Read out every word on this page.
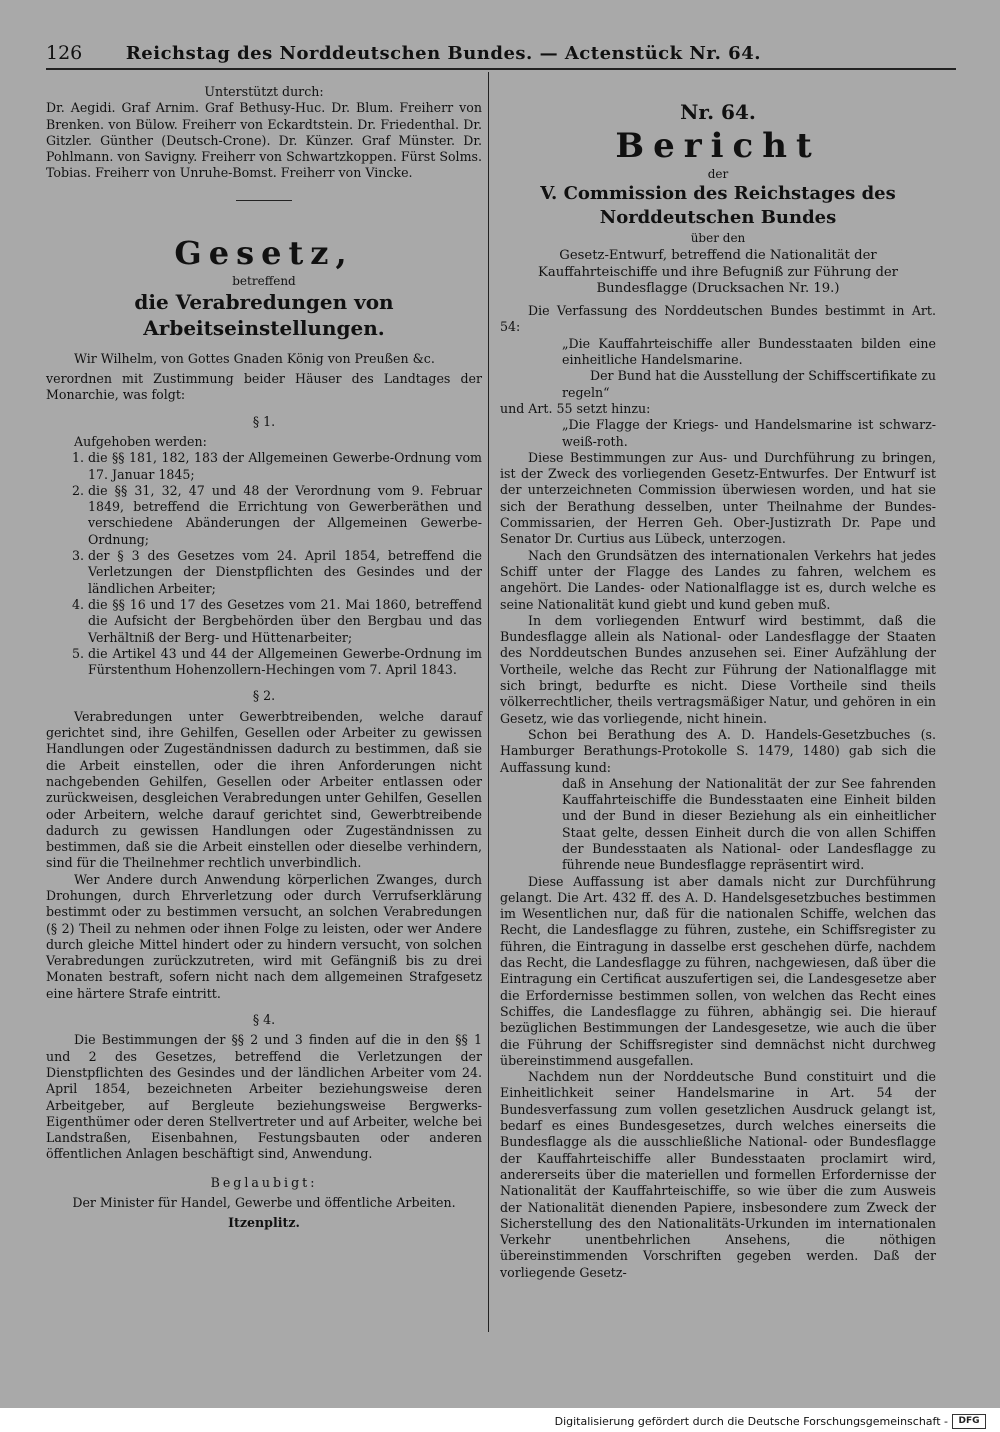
126	Reichstag des Norddeutschen Bundes. — Actenstück Nr. 64.

Unterstützt durch:

Dr. Aegidi. Graf Arnim. Graf Bethusy-Huc. Dr. Blum. Freiherr von Brenken. von Bülow. Freiherr von Eckardtstein. Dr. Friedenthal. Dr. Gitzler. Günther (Deutsch-Crone). Dr. Künzer. Graf Münster. Dr. Pohlmann. von Savigny. Freiherr von Schwartzkoppen. Fürst Solms. Tobias. Freiherr von Unruhe-Bomst. Freiherr von Vincke.

Gesetz,

betreffend

die Verabredungen von Arbeitseinstellungen.

Wir Wilhelm, von Gottes Gnaden König von Preußen &c.

verordnen mit Zustimmung beider Häuser des Landtages der Monarchie, was folgt:

§ 1.

Aufgehoben werden:

1. die §§ 181, 182, 183 der Allgemeinen Gewerbe-Ordnung vom 17. Januar 1845;
2. die §§ 31, 32, 47 und 48 der Verordnung vom 9. Februar 1849, betreffend die Errichtung von Gewerberäthen und verschiedene Abänderungen der Allgemeinen Gewerbe-Ordnung;
3. der § 3 des Gesetzes vom 24. April 1854, betreffend die Verletzungen der Dienstpflichten des Gesindes und der ländlichen Arbeiter;
4. die §§ 16 und 17 des Gesetzes vom 21. Mai 1860, betreffend die Aufsicht der Bergbehörden über den Bergbau und das Verhältniß der Berg- und Hüttenarbeiter;
5. die Artikel 43 und 44 der Allgemeinen Gewerbe-Ordnung im Fürstenthum Hohenzollern-Hechingen vom 7. April 1843.

§ 2.

Verabredungen unter Gewerbtreibenden, welche darauf gerichtet sind, ihre Gehilfen, Gesellen oder Arbeiter zu gewissen Handlungen oder Zugeständnissen dadurch zu bestimmen, daß sie die Arbeit einstellen, oder die ihren Anforderungen nicht nachgebenden Gehilfen, Gesellen oder Arbeiter entlassen oder zurückweisen, desgleichen Verabredungen unter Gehilfen, Gesellen oder Arbeitern, welche darauf gerichtet sind, Gewerbtreibende dadurch zu gewissen Handlungen oder Zugeständnissen zu bestimmen, daß sie die Arbeit einstellen oder dieselbe verhindern, sind für die Theilnehmer rechtlich unverbindlich.

Wer Andere durch Anwendung körperlichen Zwanges, durch Drohungen, durch Ehrverletzung oder durch Verrufserklärung bestimmt oder zu bestimmen versucht, an solchen Verabredungen (§ 2) Theil zu nehmen oder ihnen Folge zu leisten, oder wer Andere durch gleiche Mittel hindert oder zu hindern versucht, von solchen Verabredungen zurückzutreten, wird mit Gefängniß bis zu drei Monaten bestraft, sofern nicht nach dem allgemeinen Strafgesetz eine härtere Strafe eintritt.

§ 4.

Die Bestimmungen der §§ 2 und 3 finden auf die in den §§ 1 und 2 des Gesetzes, betreffend die Verletzungen der Dienstpflichten des Gesindes und der ländlichen Arbeiter vom 24. April 1854, bezeichneten Arbeiter beziehungsweise deren Arbeitgeber, auf Bergleute beziehungsweise Bergwerks-Eigenthümer oder deren Stellvertreter und auf Arbeiter, welche bei Landstraßen, Eisenbahnen, Festungsbauten oder anderen öffentlichen Anlagen beschäftigt sind, Anwendung.

Beglaubigt:

Der Minister für Handel, Gewerbe und öffentliche Arbeiten.

Itzenplitz.

Nr. 64.

Bericht

der

V. Commission des Reichstages des Norddeutschen Bundes

über den

Gesetz-Entwurf, betreffend die Nationalität der Kauffahrteischiffe und ihre Befugniß zur Führung der Bundesflagge (Drucksachen Nr. 19.)

Die Verfassung des Norddeutschen Bundes bestimmt in Art. 54:

„Die Kauffahrteischiffe aller Bundesstaaten bilden eine einheitliche Handelsmarine.

Der Bund hat die Ausstellung der Schiffscertifikate zu regeln“

und Art. 55 setzt hinzu:

„Die Flagge der Kriegs- und Handelsmarine ist schwarz-weiß-roth.

Diese Bestimmungen zur Aus- und Durchführung zu bringen, ist der Zweck des vorliegenden Gesetz-Entwurfes. Der Entwurf ist der unterzeichneten Commission überwiesen worden, und hat sie sich der Berathung desselben, unter Theilnahme der Bundes-Commissarien, der Herren Geh. Ober-Justizrath Dr. Pape und Senator Dr. Curtius aus Lübeck, unterzogen.

Nach den Grundsätzen des internationalen Verkehrs hat jedes Schiff unter der Flagge des Landes zu fahren, welchem es angehört. Die Landes- oder Nationalflagge ist es, durch welche es seine Nationalität kund giebt und kund geben muß.

In dem vorliegenden Entwurf wird bestimmt, daß die Bundesflagge allein als National- oder Landesflagge der Staaten des Norddeutschen Bundes anzusehen sei. Einer Aufzählung der Vortheile, welche das Recht zur Führung der Nationalflagge mit sich bringt, bedurfte es nicht. Diese Vortheile sind theils völkerrechtlicher, theils vertragsmäßiger Natur, und gehören in ein Gesetz, wie das vorliegende, nicht hinein.

Schon bei Berathung des A. D. Handels-Gesetzbuches (s. Hamburger Berathungs-Protokolle S. 1479, 1480) gab sich die Auffassung kund:

daß in Ansehung der Nationalität der zur See fahrenden Kauffahrteischiffe die Bundesstaaten eine Einheit bilden und der Bund in dieser Beziehung als ein einheitlicher Staat gelte, dessen Einheit durch die von allen Schiffen der Bundesstaaten als National- oder Landesflagge zu führende neue Bundesflagge repräsentirt wird.

Diese Auffassung ist aber damals nicht zur Durchführung gelangt. Die Art. 432 ff. des A. D. Handelsgesetzbuches bestimmen im Wesentlichen nur, daß für die nationalen Schiffe, welchen das Recht, die Landesflagge zu führen, zustehe, ein Schiffsregister zu führen, die Eintragung in dasselbe erst geschehen dürfe, nachdem das Recht, die Landesflagge zu führen, nachgewiesen, daß über die Eintragung ein Certificat auszufertigen sei, die Landesgesetze aber die Erfordernisse bestimmen sollen, von welchen das Recht eines Schiffes, die Landesflagge zu führen, abhängig sei. Die hierauf bezüglichen Bestimmungen der Landesgesetze, wie auch die über die Führung der Schiffsregister sind demnächst nicht durchweg übereinstimmend ausgefallen.

Nachdem nun der Norddeutsche Bund constituirt und die Einheitlichkeit seiner Handelsmarine in Art. 54 der Bundesverfassung zum vollen gesetzlichen Ausdruck gelangt ist, bedarf es eines Bundesgesetzes, durch welches einerseits die Bundesflagge als die ausschließliche National- oder Bundesflagge der Kauffahrteischiffe aller Bundesstaaten proclamirt wird, andererseits über die materiellen und formellen Erfordernisse der Nationalität der Kauffahrteischiffe, so wie über die zum Ausweis der Nationalität dienenden Papiere, insbesondere zum Zweck der Sicherstellung des den Nationalitäts-Urkunden im internationalen Verkehr unentbehrlichen Ansehens, die nöthigen übereinstimmenden Vorschriften gegeben werden. Daß der vorliegende Gesetz-

Digitalisierung gefördert durch die Deutsche Forschungsgemeinschaft -	DFG
